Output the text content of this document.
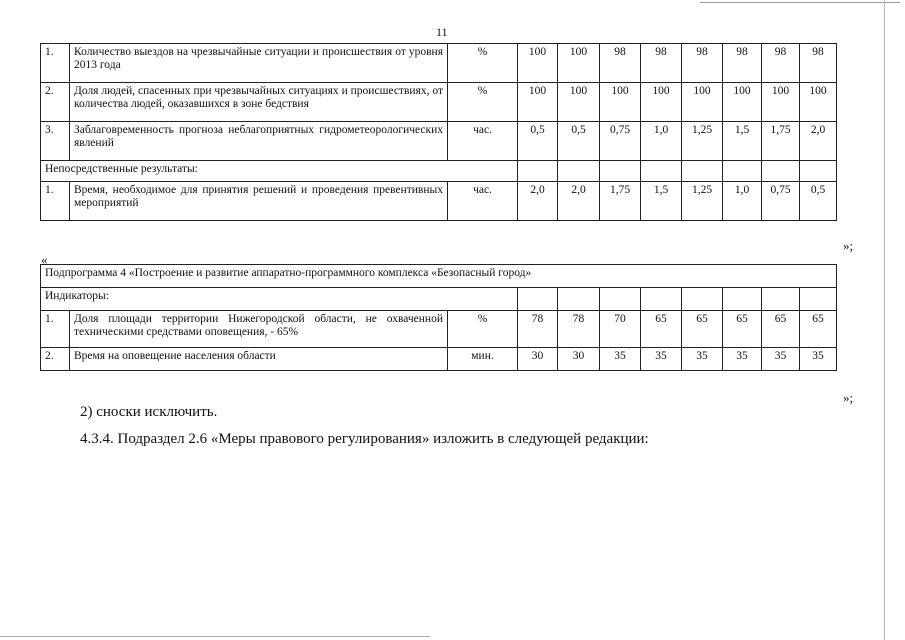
11
1.	Количество выездов на чрезвычайные ситуации и происшествия от уровня 2013 года	%	100	100	98	98	98	98	98	98
2.	Доля людей, спасенных при чрезвычайных ситуациях и происшествиях, от количества людей, оказавшихся в зоне бедствия	%	100	100	100	100	100	100	100	100
3.	Заблаговременность прогноза неблагоприятных гидрометеорологических явлений	час.	0,5	0,5	0,75	1,0	1,25	1,5	1,75	2,0
Непосредственные результаты:										
1.	Время, необходимое для принятия решений и проведения превентивных мероприятий	час.	2,0	2,0	1,75	1,5	1,25	1,0	0,75	0,5
»;
«
Подпрограмма 4 «Построение и развитие аппаратно-программного комплекса «Безопасный город»										
Индикаторы:										
1.	Доля площади территории Нижегородской области, не охваченной техническими средствами оповещения, - 65%	%	78	78	70	65	65	65	65	65
2.	Время на оповещение населения области	мин.	30	30	35	35	35	35	35	35
»;
2) сноски исключить.
4.3.4. Подраздел 2.6 «Меры правового регулирования» изложить в следующей редакции:
